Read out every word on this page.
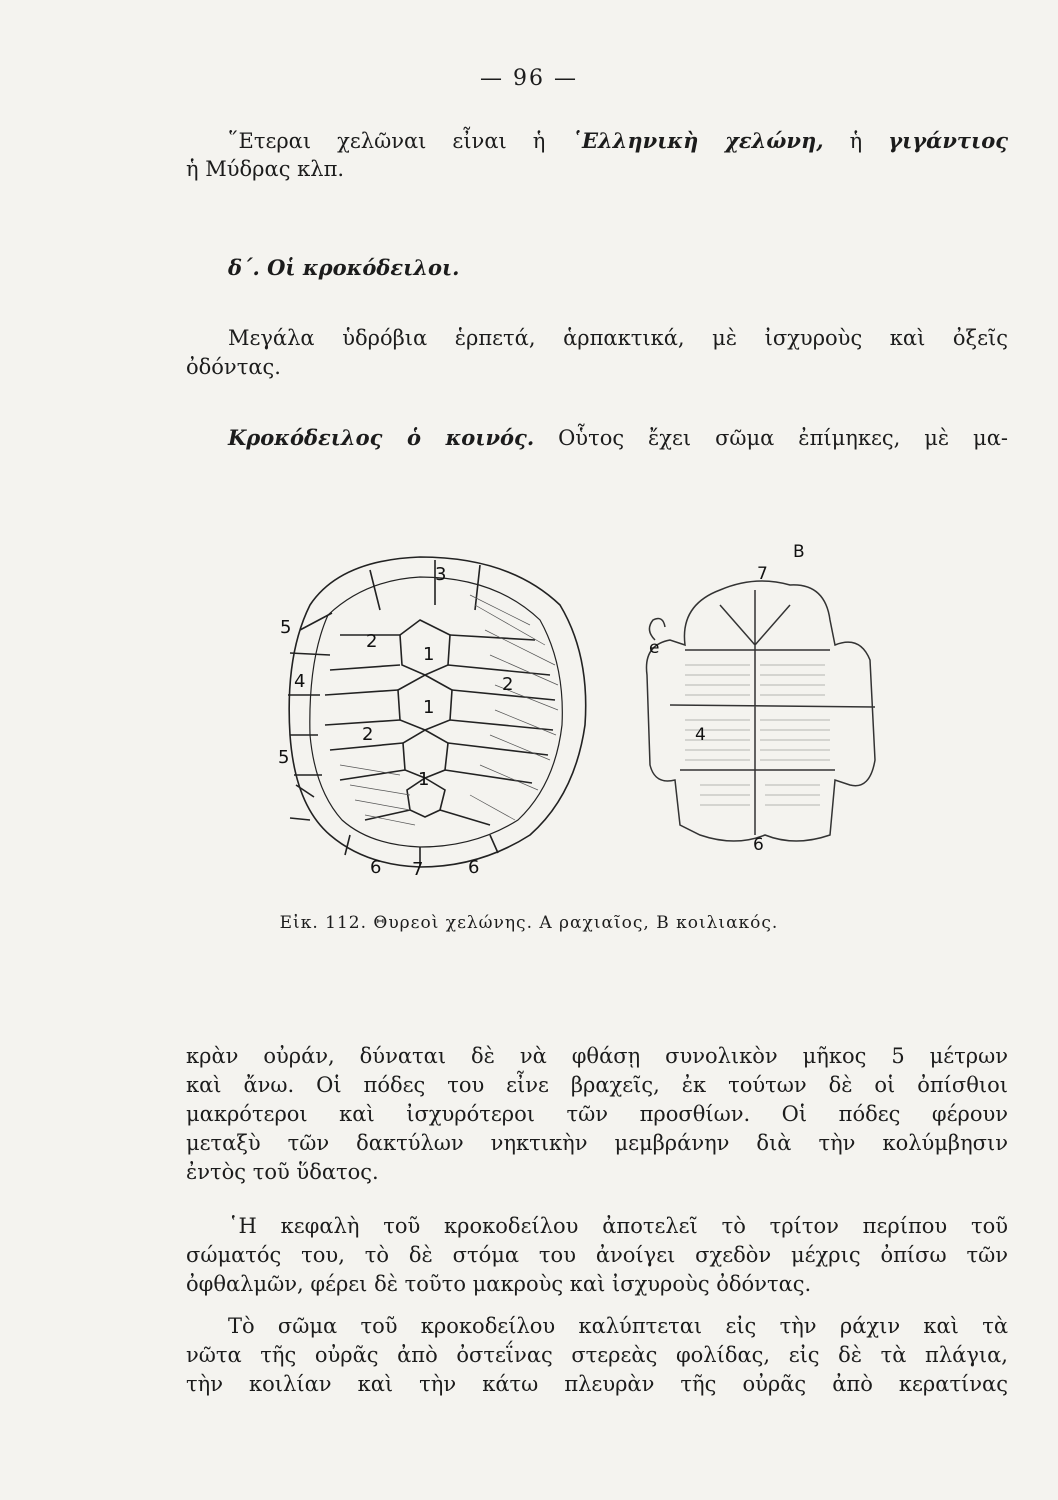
— 96 —
῞Ετεραι χελῶναι εἶναι ἡ ῾Ελληνικὴ χελώνη, ἡ γιγάντιος
ἡ Μύδρας κλπ.
δ΄. Οἱ κροκόδειλοι.
Μεγάλα ὑδρόβια ἑρπετά, ἁρπακτικά, μὲ ἰσχυροὺς καὶ ὀξεῖς
ὀδόντας.
Κροκόδειλος ὁ κοινός. Οὗτος ἔχει σῶμα ἐπίμηκες, μὲ μα-
3
5
2
1
4	2
1
2
5
1
6 7 6
B
7
e
4
6
Εἰκ. 112. Θυρεοὶ χελώνης. Α ραχιαῖος, Β κοιλιακός.
κρὰν οὐράν, δύναται δὲ νὰ φθάσῃ συνολικὸν μῆκος 5 μέτρων
καὶ ἄνω. Οἱ πόδες του εἶνε βραχεῖς, ἐκ τούτων δὲ οἱ ὀπίσθιοι
μακρότεροι καὶ ἰσχυρότεροι τῶν προσθίων. Οἱ πόδες φέρουν
μεταξὺ τῶν δακτύλων νηκτικὴν μεμβράνην διὰ τὴν κολύμβησιν
ἐντὸς τοῦ ὕδατος.
῾Η κεφαλὴ τοῦ κροκοδείλου ἀποτελεῖ τὸ τρίτον περίπου τοῦ
σώματός του, τὸ δὲ στόμα του ἀνοίγει σχεδὸν μέχρις ὀπίσω τῶν
ὀφθαλμῶν, φέρει δὲ τοῦτο μακροὺς καὶ ἰσχυροὺς ὀδόντας.
Τὸ σῶμα τοῦ κροκοδείλου καλύπτεται εἰς τὴν ράχιν καὶ τὰ
νῶτα τῆς οὐρᾶς ἀπὸ ὀστεΐνας στερεὰς φολίδας, εἰς δὲ τὰ πλάγια,
τὴν κοιλίαν καὶ τὴν κάτω πλευρὰν τῆς οὐρᾶς ἀπὸ κερατίνας
